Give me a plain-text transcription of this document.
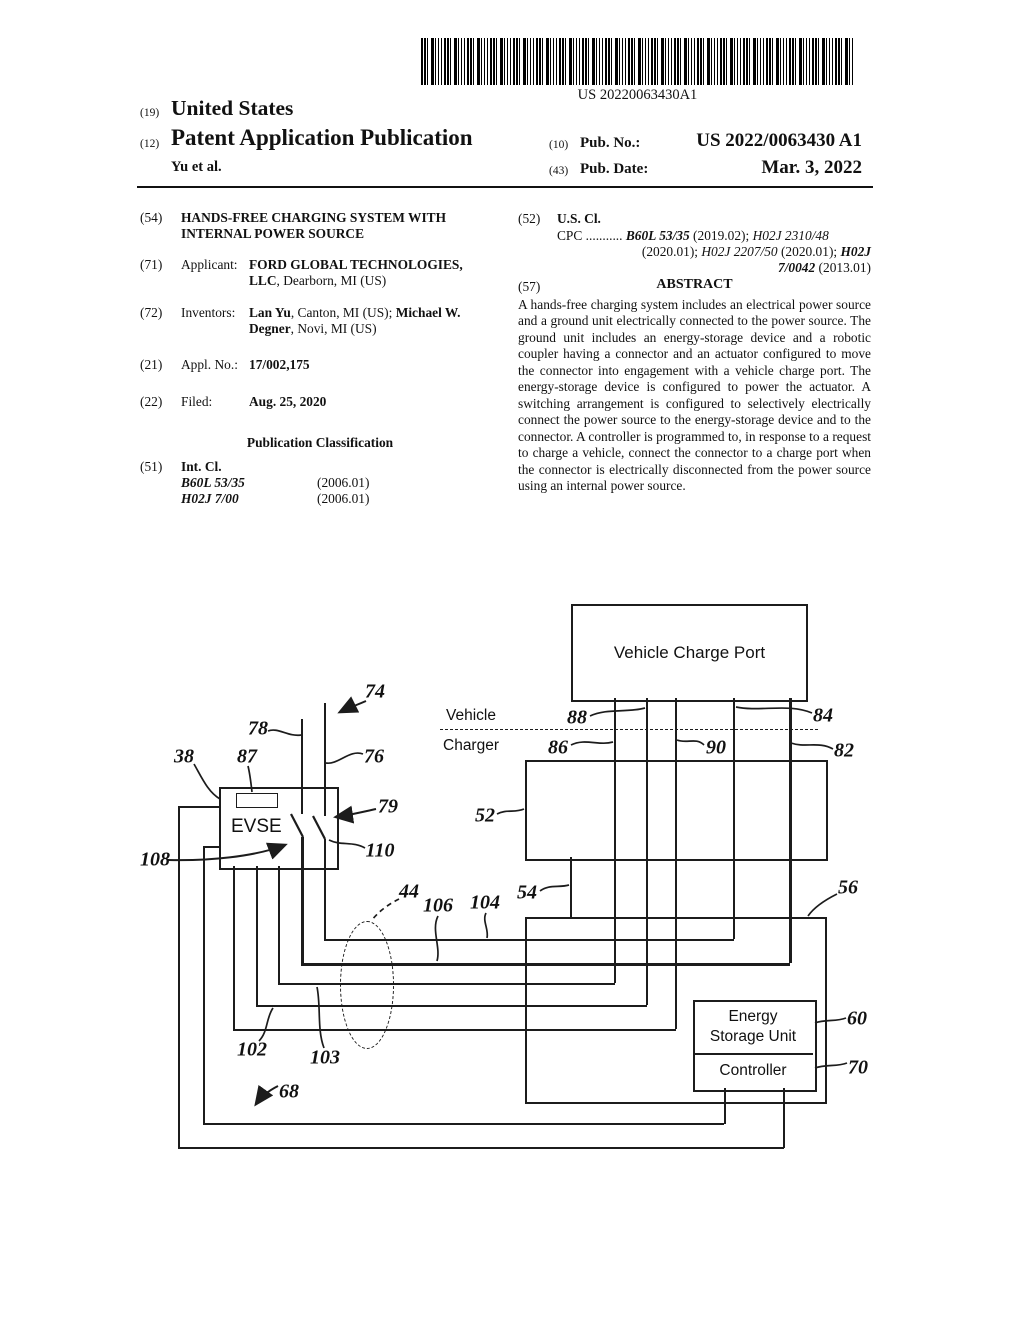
US 20220063430A1
(19) United States
(12) Patent Application Publication
Yu et al.
(10) Pub. No.:	US 2022/0063430 A1
(43) Pub. Date:	Mar. 3, 2022
(54) HANDS-FREE CHARGING SYSTEM WITH
INTERNAL POWER SOURCE
(71) Applicant: FORD GLOBAL TECHNOLOGIES,
LLC, Dearborn, MI (US)
(72) Inventors: Lan Yu, Canton, MI (US); Michael W.
Degner, Novi, MI (US)
(21) Appl. No.: 17/002,175
(22) Filed:	Aug. 25, 2020
Publication Classification
(51) Int. Cl.
B60L 53/35	(2006.01)
H02J 7/00	(2006.01)
(52) U.S. Cl.
CPC ........... B60L 53/35 (2019.02); H02J 2310/48
(2020.01); H02J 2207/50 (2020.01); H02J
7/0042 (2013.01)
(57)	ABSTRACT
A hands-free charging system includes an electrical power source and a ground unit electrically connected to the power source. The ground unit includes an energy-storage device and a robotic coupler having a connector and an actuator configured to move the connector into engagement with a vehicle charge port. The energy-storage device is configured to power the actuator. A switching arrangement is configured to selectively electrically connect the power source to the energy-storage device and to the connector. A controller is programmed to, in response to a request to charge a vehicle, connect the connector to a charge port when the connector is electrically disconnected from the power source using an internal power source.
Vehicle Charge Port
Energy
Storage Unit
Controller
EVSE
Vehicle
Charger
38 87
78
74
76
79
110
108
88
86	90
84
82
52
54
104
106
44	56
60
70
102 103
68
